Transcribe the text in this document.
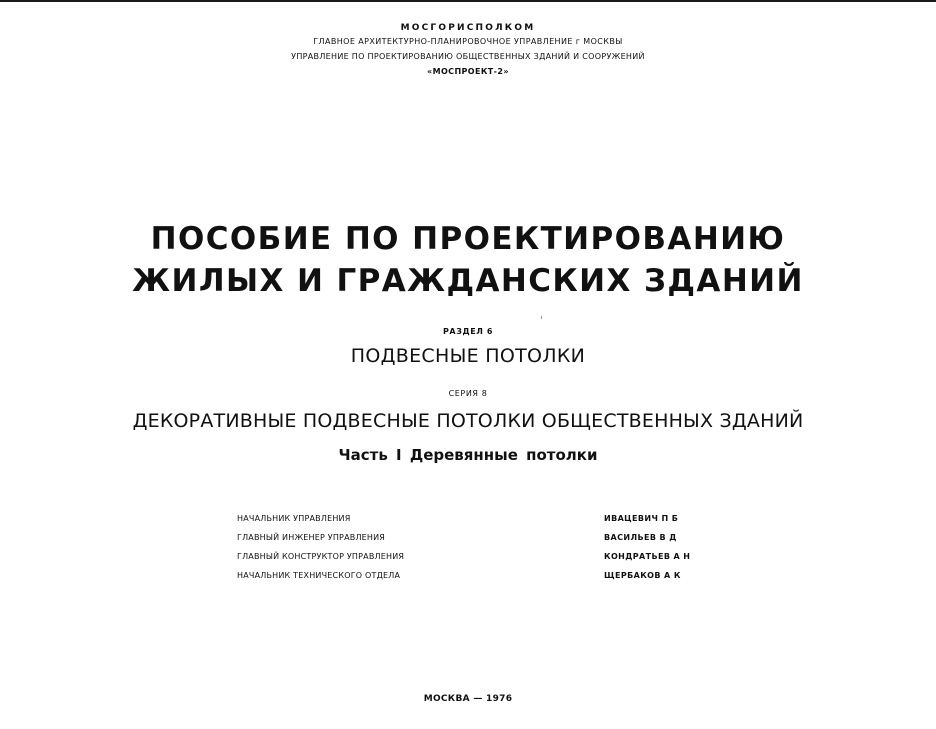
МОСГОРИСПОЛКОМ
ГЛАВНОЕ АРХИТЕКТУРНО-ПЛАНИРОВОЧНОЕ УПРАВЛЕНИЕ г МОСКВЫ
УПРАВЛЕНИЕ ПО ПРОЕКТИРОВАНИЮ ОБЩЕСТВЕННЫХ ЗДАНИЙ И СООРУЖЕНИЙ
«МОСПРОЕКТ-2»
ПОСОБИЕ ПО ПРОЕКТИРОВАНИЮ
ЖИЛЫХ И ГРАЖДАНСКИХ ЗДАНИЙ
РАЗДЕЛ 6
ПОДВЕСНЫЕ ПОТОЛКИ
СЕРИЯ 8
ДЕКОРАТИВНЫЕ ПОДВЕСНЫЕ ПОТОЛКИ ОБЩЕСТВЕННЫХ ЗДАНИЙ
Часть I Деревянные потолки
НАЧАЛЬНИК УПРАВЛЕНИЯ	ИВАЦЕВИЧ П Б
ГЛАВНЫЙ ИНЖЕНЕР УПРАВЛЕНИЯ	ВАСИЛЬЕВ В Д
ГЛАВНЫЙ КОНСТРУКТОР УПРАВЛЕНИЯ	КОНДРАТЬЕВ А Н
НАЧАЛЬНИК ТЕХНИЧЕСКОГО ОТДЕЛА	ЩЕРБАКОВ А К
МОСКВА — 1976
